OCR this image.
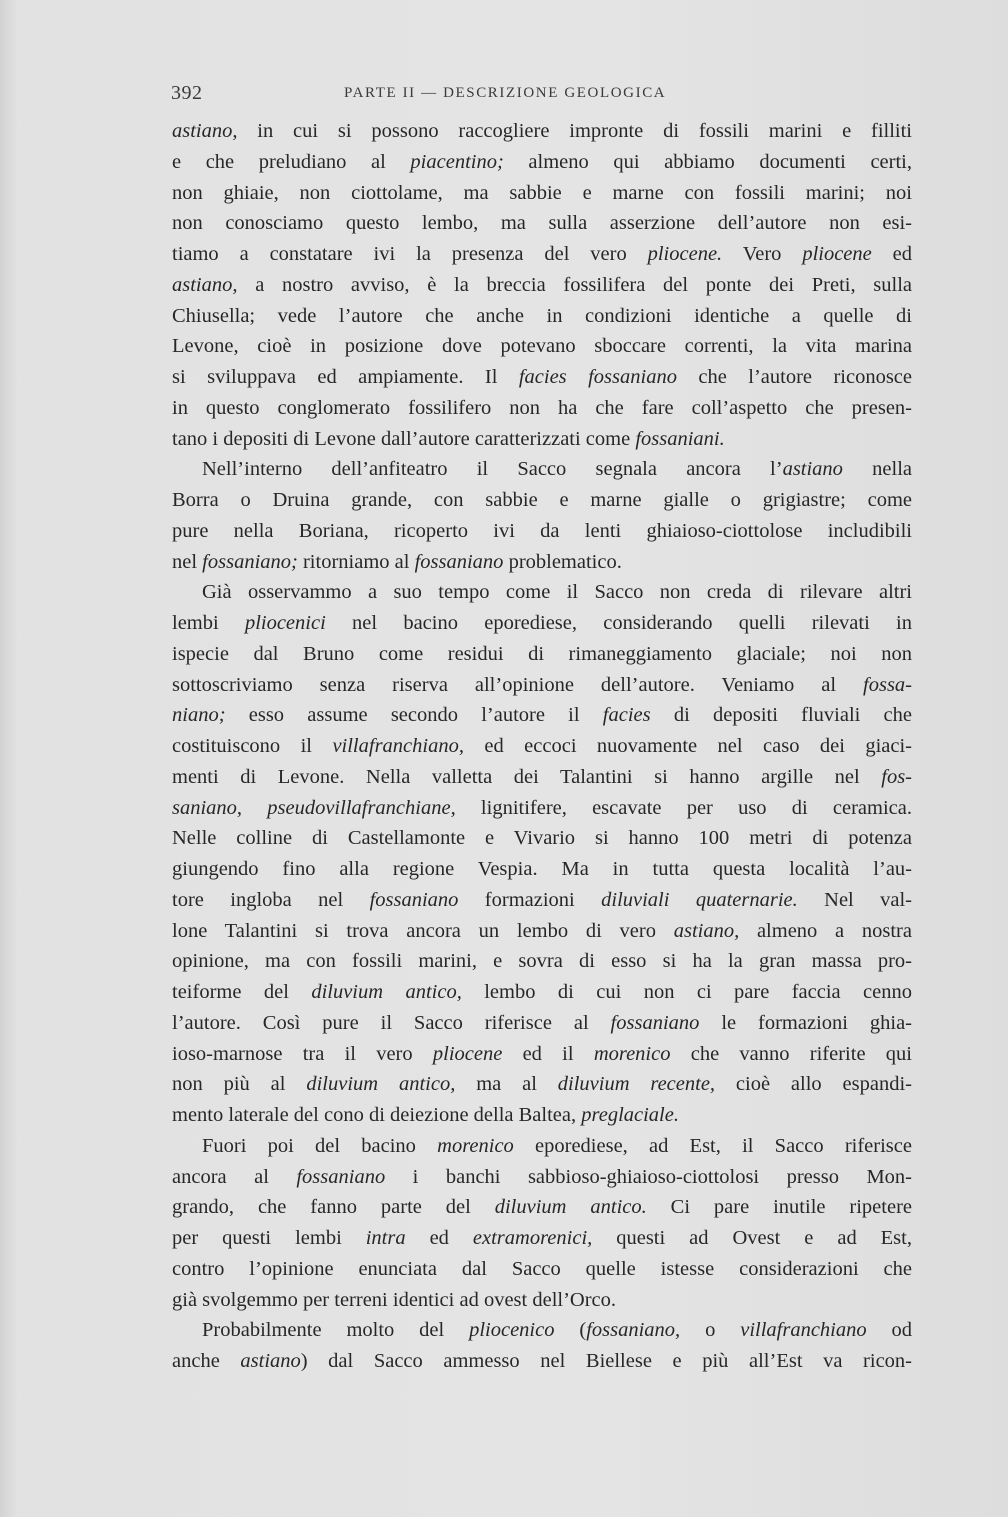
392	PARTE II — DESCRIZIONE GEOLOGICA
astiano, in cui si possono raccogliere impronte di fossili marini e filliti
e che preludiano al piacentino; almeno qui abbiamo documenti certi,
non ghiaie, non ciottolame, ma sabbie e marne con fossili marini; noi
non conosciamo questo lembo, ma sulla asserzione dell’autore non esi-
tiamo a constatare ivi la presenza del vero pliocene. Vero pliocene ed
astiano, a nostro avviso, è la breccia fossilifera del ponte dei Preti, sulla
Chiusella; vede l’autore che anche in condizioni identiche a quelle di
Levone, cioè in posizione dove potevano sboccare correnti, la vita marina
si sviluppava ed ampiamente. Il facies fossaniano che l’autore riconosce
in questo conglomerato fossilifero non ha che fare coll’aspetto che presen-
tano i depositi di Levone dall’autore caratterizzati come fossaniani.
Nell’interno dell’anfiteatro il Sacco segnala ancora l’astiano nella
Borra o Druina grande, con sabbie e marne gialle o grigiastre; come
pure nella Boriana, ricoperto ivi da lenti ghiaioso-ciottolose includibili
nel fossaniano; ritorniamo al fossaniano problematico.
Già osservammo a suo tempo come il Sacco non creda di rilevare altri
lembi pliocenici nel bacino eporediese, considerando quelli rilevati in
ispecie dal Bruno come residui di rimaneggiamento glaciale; noi non
sottoscriviamo senza riserva all’opinione dell’autore. Veniamo al fossa-
niano; esso assume secondo l’autore il facies di depositi fluviali che
costituiscono il villafranchiano, ed eccoci nuovamente nel caso dei giaci-
menti di Levone. Nella valletta dei Talantini si hanno argille nel fos-
saniano, pseudovillafranchiane, lignitifere, escavate per uso di ceramica.
Nelle colline di Castellamonte e Vivario si hanno 100 metri di potenza
giungendo fino alla regione Vespia. Ma in tutta questa località l’au-
tore ingloba nel fossaniano formazioni diluviali quaternarie. Nel val-
lone Talantini si trova ancora un lembo di vero astiano, almeno a nostra
opinione, ma con fossili marini, e sovra di esso si ha la gran massa pro-
teiforme del diluvium antico, lembo di cui non ci pare faccia cenno
l’autore. Così pure il Sacco riferisce al fossaniano le formazioni ghia-
ioso-marnose tra il vero pliocene ed il morenico che vanno riferite qui
non più al diluvium antico, ma al diluvium recente, cioè allo espandi-
mento laterale del cono di deiezione della Baltea, preglaciale.
Fuori poi del bacino morenico eporediese, ad Est, il Sacco riferisce
ancora al fossaniano i banchi sabbioso-ghiaioso-ciottolosi presso Mon-
grando, che fanno parte del diluvium antico. Ci pare inutile ripetere
per questi lembi intra ed extramorenici, questi ad Ovest e ad Est,
contro l’opinione enunciata dal Sacco quelle istesse considerazioni che
già svolgemmo per terreni identici ad ovest dell’Orco.
Probabilmente molto del pliocenico (fossaniano, o villafranchiano od
anche astiano) dal Sacco ammesso nel Biellese e più all’Est va ricon-
